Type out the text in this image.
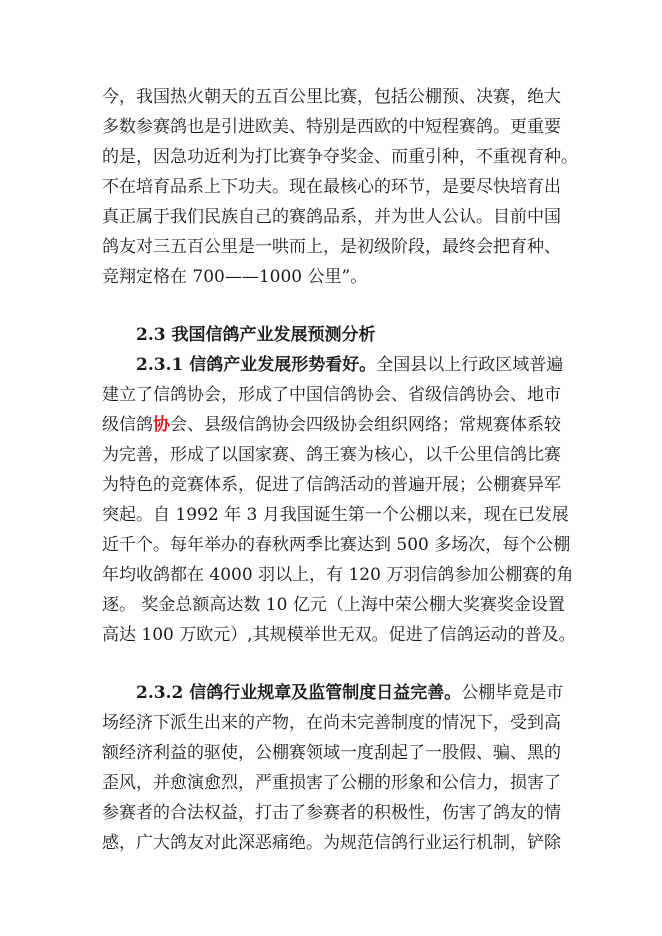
今，我国热火朝天的五百公里比赛，包括公棚预、决赛，绝大
多数参赛鸽也是引进欧美、特别是西欧的中短程赛鸽。更重要
的是，因急功近利为打比赛争夺奖金、而重引种，不重视育种。
不在培育品系上下功夫。现在最核心的环节，是要尽快培育出
真正属于我们民族自己的赛鸽品系，并为世人公认。目前中国
鸽友对三五百公里是一哄而上，是初级阶段，最终会把育种、
竞翔定格在 700——1000 公里”。
2.3 我国信鸽产业发展预测分析
2.3.1 信鸽产业发展形势看好。全国县以上行政区域普遍
建立了信鸽协会，形成了中国信鸽协会、省级信鸽协会、地市
级信鸽协会、县级信鸽协会四级协会组织网络；常规赛体系较
为完善，形成了以国家赛、鸽王赛为核心，以千公里信鸽比赛
为特色的竞赛体系，促进了信鸽活动的普遍开展；公棚赛异军
突起。自 1992 年 3 月我国诞生第一个公棚以来，现在已发展
近千个。每年举办的春秋两季比赛达到 500 多场次，每个公棚
年均收鸽都在 4000 羽以上，有 120 万羽信鸽参加公棚赛的角
逐。 奖金总额高达数 10 亿元（上海中荣公棚大奖赛奖金设置
高达 100 万欧元）,其规模举世无双。促进了信鸽运动的普及。
2.3.2 信鸽行业规章及监管制度日益完善。公棚毕竟是市
场经济下派生出来的产物，在尚未完善制度的情况下，受到高
额经济利益的驱使，公棚赛领域一度刮起了一股假、骗、黑的
歪风，并愈演愈烈，严重损害了公棚的形象和公信力，损害了
参赛者的合法权益，打击了参赛者的积极性，伤害了鸽友的情
感，广大鸽友对此深恶痛绝。为规范信鸽行业运行机制，铲除
